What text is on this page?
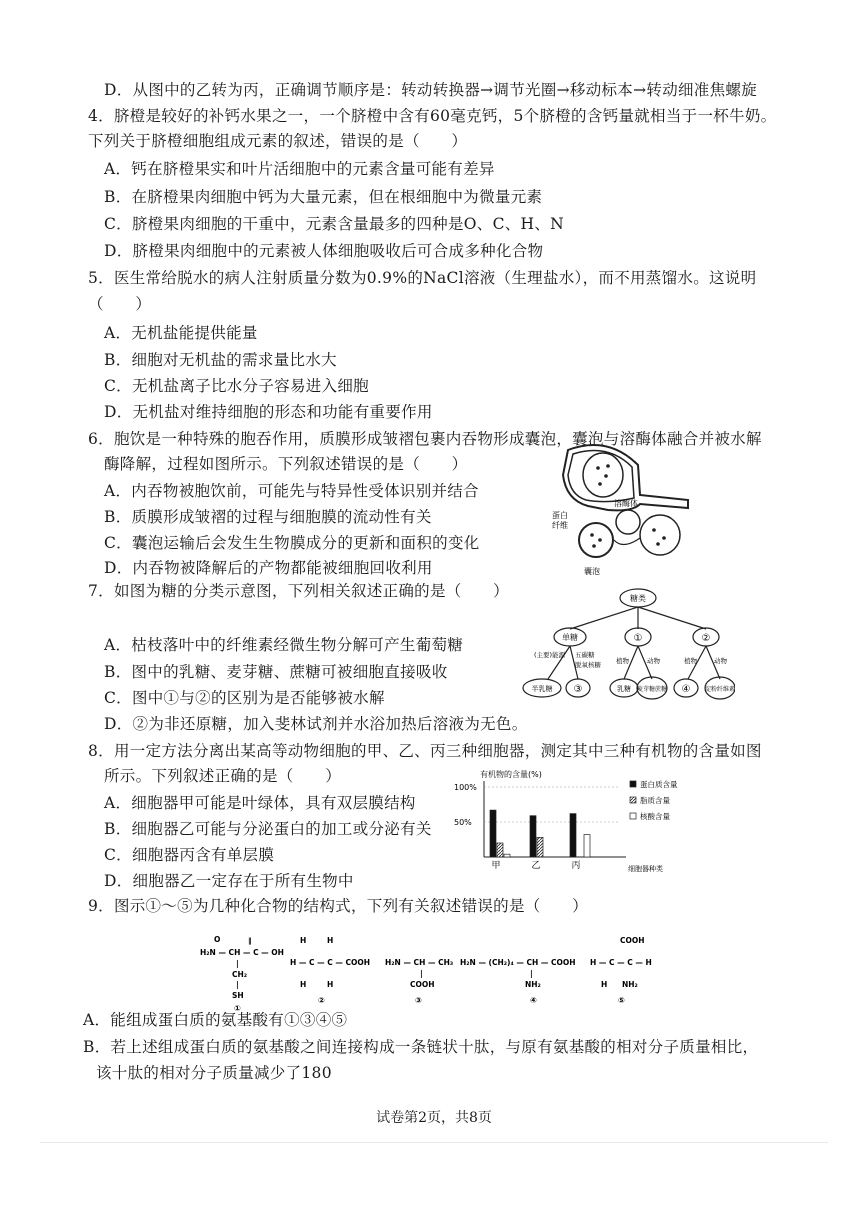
D．从图中的乙转为丙，正确调节顺序是：转动转换器→调节光圈→移动标本→转动细准焦螺旋
4．脐橙是较好的补钙水果之一，一个脐橙中含有60毫克钙，5个脐橙的含钙量就相当于一杯牛奶。
下列关于脐橙细胞组成元素的叙述，错误的是（　　）
A．钙在脐橙果实和叶片活细胞中的元素含量可能有差异
B．在脐橙果肉细胞中钙为大量元素，但在根细胞中为微量元素
C．脐橙果肉细胞的干重中，元素含量最多的四种是O、C、H、N
D．脐橙果肉细胞中的元素被人体细胞吸收后可合成多种化合物
5．医生常给脱水的病人注射质量分数为0.9%的NaCl溶液（生理盐水），而不用蒸馏水。这说明
（　　）
A．无机盐能提供能量
B．细胞对无机盐的需求量比水大
C．无机盐离子比水分子容易进入细胞
D．无机盐对维持细胞的形态和功能有重要作用
6．胞饮是一种特殊的胞吞作用，质膜形成皱褶包裹内吞物形成囊泡，囊泡与溶酶体融合并被水解
酶降解，过程如图所示。下列叙述错误的是（　　）
A．内吞物被胞饮前，可能先与特异性受体识别并结合
B．质膜形成皱褶的过程与细胞膜的流动性有关
C．囊泡运输后会发生生物膜成分的更新和面积的变化
D．内吞物被降解后的产物都能被细胞回收利用
溶酶体
蛋白
纤维
囊泡
7．如图为糖的分类示意图，下列相关叙述正确的是（　　）
A．枯枝落叶中的纤维素经微生物分解可产生葡萄糖
B．图中的乳糖、麦芽糖、蔗糖可被细胞直接吸收
C．图中①与②的区别为是否能够被水解
D．②为非还原糖，加入斐林试剂并水浴加热后溶液为无色。
糖类
单糖	①	②
(主要)能源 五碳糖
脱氧核糖 植物	动物	植物	动物
半乳糖 ③	乳糖 麦芽糖蔗糖 ④ 淀粉纤维素
8．用一定方法分离出某高等动物细胞的甲、乙、丙三种细胞器，测定其中三种有机物的含量如图
所示。下列叙述正确的是（　　）
A．细胞器甲可能是叶绿体，具有双层膜结构
B．细胞器乙可能与分泌蛋白的加工或分泌有关
C．细胞器丙含有单层膜
D．细胞器乙一定存在于所有生物中
有机物的含量(%)
细胞器种类
100%
50%
甲	乙	丙
蛋白质含量
脂质含量
核酸含量
9．图示①～⑤为几种化合物的结构式，下列有关叙述错误的是（　　）
O	‖
H₂N — CH — C — OH
|
CH₂
|
SH
①
H	H
H — C — C — COOH
H	H
②
H₂N — CH — CH₃
|
COOH
③
H₂N — (CH₂)₄ — CH — COOH
|
NH₂
④
COOH
H — C — C — H
H NH₂
⑤
A．能组成蛋白质的氨基酸有①③④⑤
B．若上述组成蛋白质的氨基酸之间连接构成一条链状十肽，与原有氨基酸的相对分子质量相比，
该十肽的相对分子质量减少了180
试卷第2页，共8页
